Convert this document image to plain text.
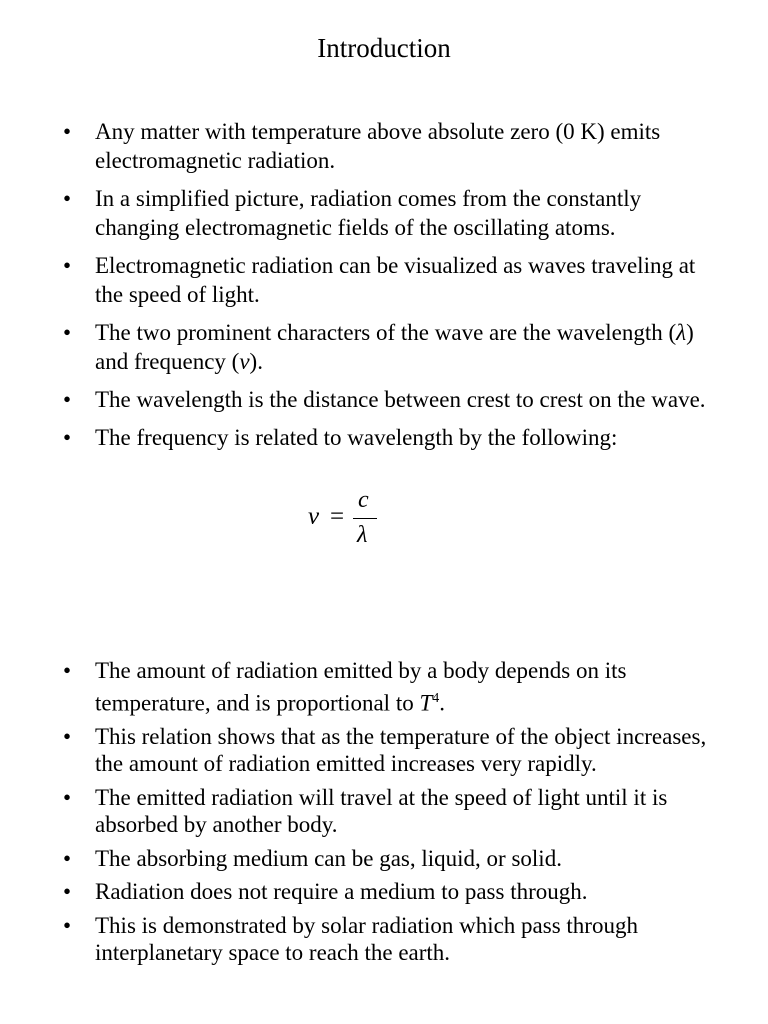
Introduction
• Any matter with temperature above absolute zero (0 K) emits electromagnetic radiation.
• In a simplified picture, radiation comes from the constantly changing electromagnetic fields of the oscillating atoms.
• Electromagnetic radiation can be visualized as waves traveling at the speed of light.
• The two prominent characters of the wave are the wavelength (λ) and frequency (ν).
• The wavelength is the distance between crest to crest on the wave.
• The frequency is related to wavelength by the following:
ν =
c
λ
• The amount of radiation emitted by a body depends on its temperature, and is proportional to $T^4$.
• This relation shows that as the temperature of the object increases, the amount of radiation emitted increases very rapidly.
• The emitted radiation will travel at the speed of light until it is absorbed by another body.
• The absorbing medium can be gas, liquid, or solid.
• Radiation does not require a medium to pass through.
• This is demonstrated by solar radiation which pass through interplanetary space to reach the earth.
